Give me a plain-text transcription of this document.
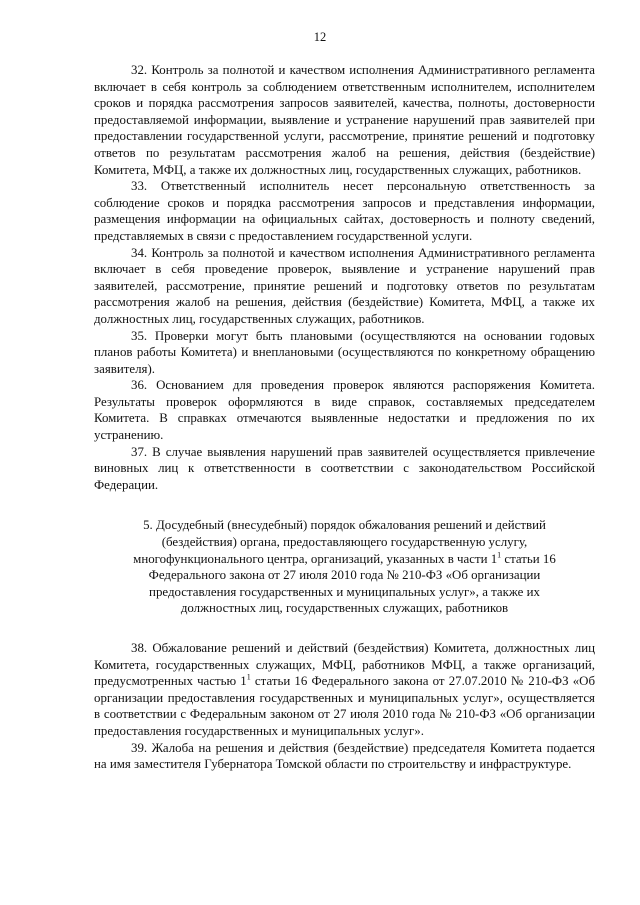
12

32. Контроль за полнотой и качеством исполнения Административного регламента включает в себя контроль за соблюдением ответственным исполнителем, исполнителем сроков и порядка рассмотрения запросов заявителей, качества, полноты, достоверности предоставляемой информации, выявление и устранение нарушений прав заявителей при предоставлении государственной услуги, рассмотрение, принятие решений и подготовку ответов по результатам рассмотрения жалоб на решения, действия (бездействие) Комитета, МФЦ, а также их должностных лиц, государственных служащих, работников.

33. Ответственный исполнитель несет персональную ответственность за соблюдение сроков и порядка рассмотрения запросов и представления информации, размещения информации на официальных сайтах, достоверность и полноту сведений, представляемых в связи с предоставлением государственной услуги.

34. Контроль за полнотой и качеством исполнения Административного регламента включает в себя проведение проверок, выявление и устранение нарушений прав заявителей, рассмотрение, принятие решений и подготовку ответов по результатам рассмотрения жалоб на решения, действия (бездействие) Комитета, МФЦ, а также их должностных лиц, государственных служащих, работников.

35. Проверки могут быть плановыми (осуществляются на основании годовых планов работы Комитета) и внеплановыми (осуществляются по конкретному обращению заявителя).

36. Основанием для проведения проверок являются распоряжения Комитета. Результаты проверок оформляются в виде справок, составляемых председателем Комитета. В справках отмечаются выявленные недостатки и предложения по их устранению.

37. В случае выявления нарушений прав заявителей осуществляется привлечение виновных лиц к ответственности в соответствии с законодательством Российской Федерации.

5. Досудебный (внесудебный) порядок обжалования решений и действий (бездействия) органа, предоставляющего государственную услугу, многофункционального центра, организаций, указанных в части $1^1$ статьи 16 Федерального закона от 27 июля 2010 года № 210-ФЗ «Об организации предоставления государственных и муниципальных услуг», а также их должностных лиц, государственных служащих, работников

38. Обжалование решений и действий (бездействия) Комитета, должностных лиц Комитета, государственных служащих, МФЦ, работников МФЦ, а также организаций, предусмотренных частью $1^1$ статьи 16 Федерального закона от 27.07.2010 № 210-ФЗ «Об организации предоставления государственных и муниципальных услуг», осуществляется в соответствии с Федеральным законом от 27 июля 2010 года № 210-ФЗ «Об организации предоставления государственных и муниципальных услуг».

39. Жалоба на решения и действия (бездействие) председателя Комитета подается на имя заместителя Губернатора Томской области по строительству и инфраструктуре.
